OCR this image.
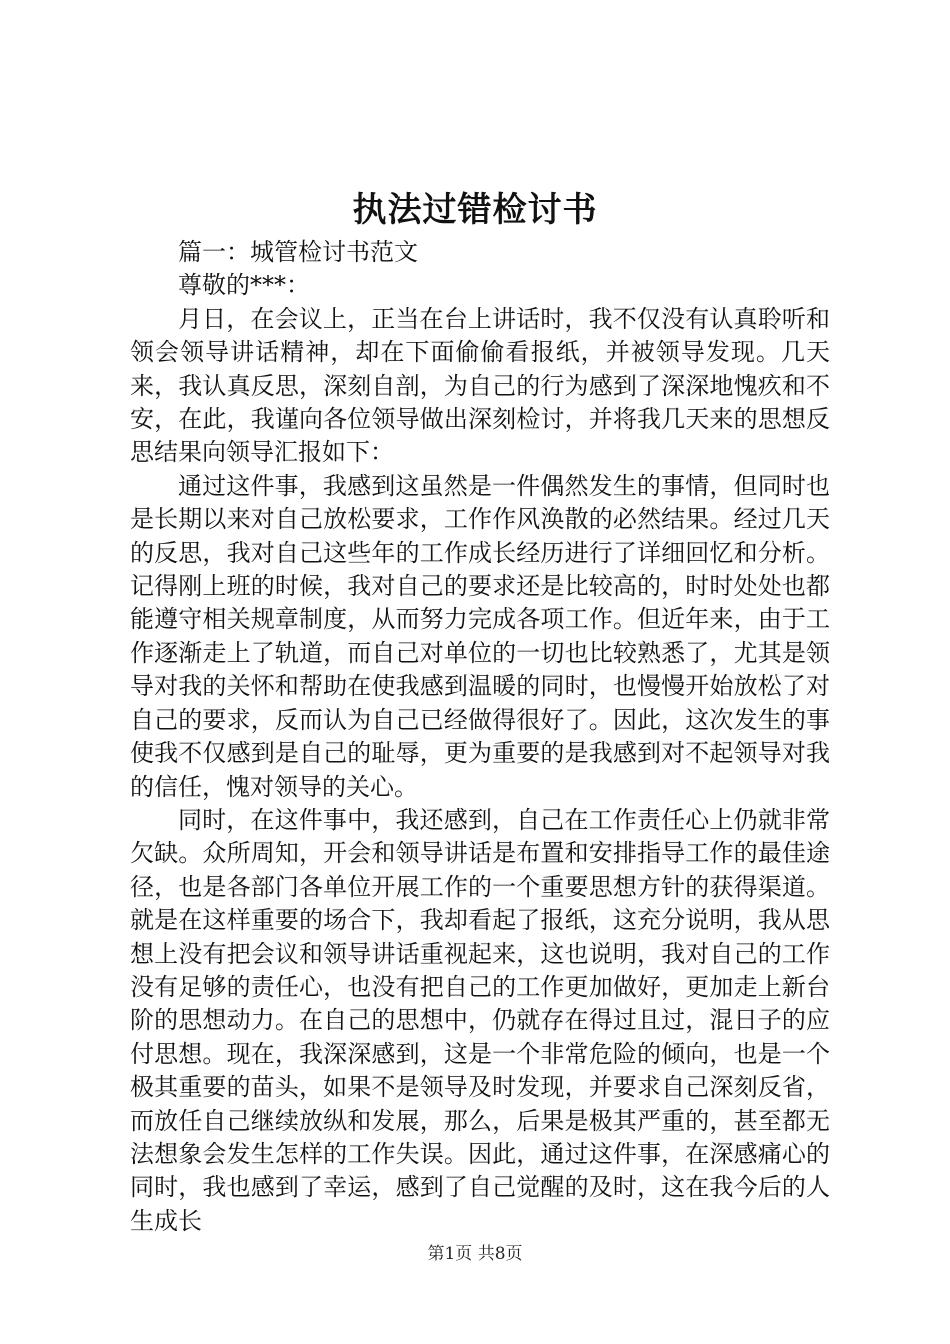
执法过错检讨书

篇一：城管检讨书范文

尊敬的***：

月日，在会议上，正当在台上讲话时，我不仅没有认真聆听和领会领导讲话精神，却在下面偷偷看报纸，并被领导发现。几天来，我认真反思，深刻自剖，为自己的行为感到了深深地愧疚和不安，在此，我谨向各位领导做出深刻检讨，并将我几天来的思想反思结果向领导汇报如下：

通过这件事，我感到这虽然是一件偶然发生的事情，但同时也是长期以来对自己放松要求，工作作风涣散的必然结果。经过几天的反思，我对自己这些年的工作成长经历进行了详细回忆和分析。记得刚上班的时候，我对自己的要求还是比较高的，时时处处也都能遵守相关规章制度，从而努力完成各项工作。但近年来，由于工作逐渐走上了轨道，而自己对单位的一切也比较熟悉了，尤其是领导对我的关怀和帮助在使我感到温暖的同时，也慢慢开始放松了对自己的要求，反而认为自己已经做得很好了。因此，这次发生的事使我不仅感到是自己的耻辱，更为重要的是我感到对不起领导对我的信任，愧对领导的关心。

同时，在这件事中，我还感到，自己在工作责任心上仍就非常欠缺。众所周知，开会和领导讲话是布置和安排指导工作的最佳途径，也是各部门各单位开展工作的一个重要思想方针的获得渠道。就是在这样重要的场合下，我却看起了报纸，这充分说明，我从思想上没有把会议和领导讲话重视起来，这也说明，我对自己的工作没有足够的责任心，也没有把自己的工作更加做好，更加走上新台阶的思想动力。在自己的思想中，仍就存在得过且过，混日子的应付思想。现在，我深深感到，这是一个非常危险的倾向，也是一个极其重要的苗头，如果不是领导及时发现，并要求自己深刻反省，而放任自己继续放纵和发展，那么，后果是极其严重的，甚至都无法想象会发生怎样的工作失误。因此，通过这件事，在深感痛心的同时，我也感到了幸运，感到了自己觉醒的及时，这在我今后的人生成长

第1页 共8页
